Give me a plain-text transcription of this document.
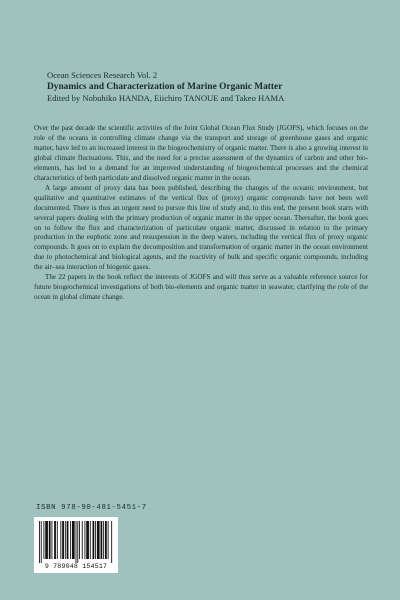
Ocean Sciences Research Vol. 2
Dynamics and Characterization of Marine Organic Matter
Edited by Nobuhiko HANDA, Eiichiro TANOUE and Takeo HAMA

Over the past decade the scientific activities of the Joint Global Ocean Flux Study (JGOFS), which focuses on the role of the oceans in controlling climate change via the transport and storage of greenhouse gases and organic matter, have led to an increased interest in the biogeochemistry of organic matter. There is also a growing interest in global climate fluctuations. This, and the need for a precise assessment of the dynamics of carbon and other bio-elements, has led to a demand for an improved understanding of biogeochemical processes and the chemical characteristics of both particulate and dissolved organic matter in the ocean.

A large amount of proxy data has been published, describing the changes of the oceanic environment, but qualitative and quantitative estimates of the vertical flux of (proxy) organic compounds have not been well documented. There is thus an urgent need to pursue this line of study and, to this end, the present book starts with several papers dealing with the primary production of organic matter in the upper ocean. Thereafter, the book goes on to follow the flux and characterization of particulate organic matter, discussed in relation to the primary production in the euphotic zone and resuspension in the deep waters, including the vertical flux of proxy organic compounds. It goes on to explain the decomposition and transformation of organic matter in the ocean environment due to photochemical and biological agents, and the reactivity of bulk and specific organic compounds, including the air–sea interaction of biogenic gases.

The 22 papers in the book reflect the interests of JGOFS and will thus serve as a valuable reference source for future biogeochemical investigations of both bio-elements and organic matter in seawater, clarifying the role of the ocean in global climate change.

ISBN 978-90-481-5451-7
9 789048 154517
